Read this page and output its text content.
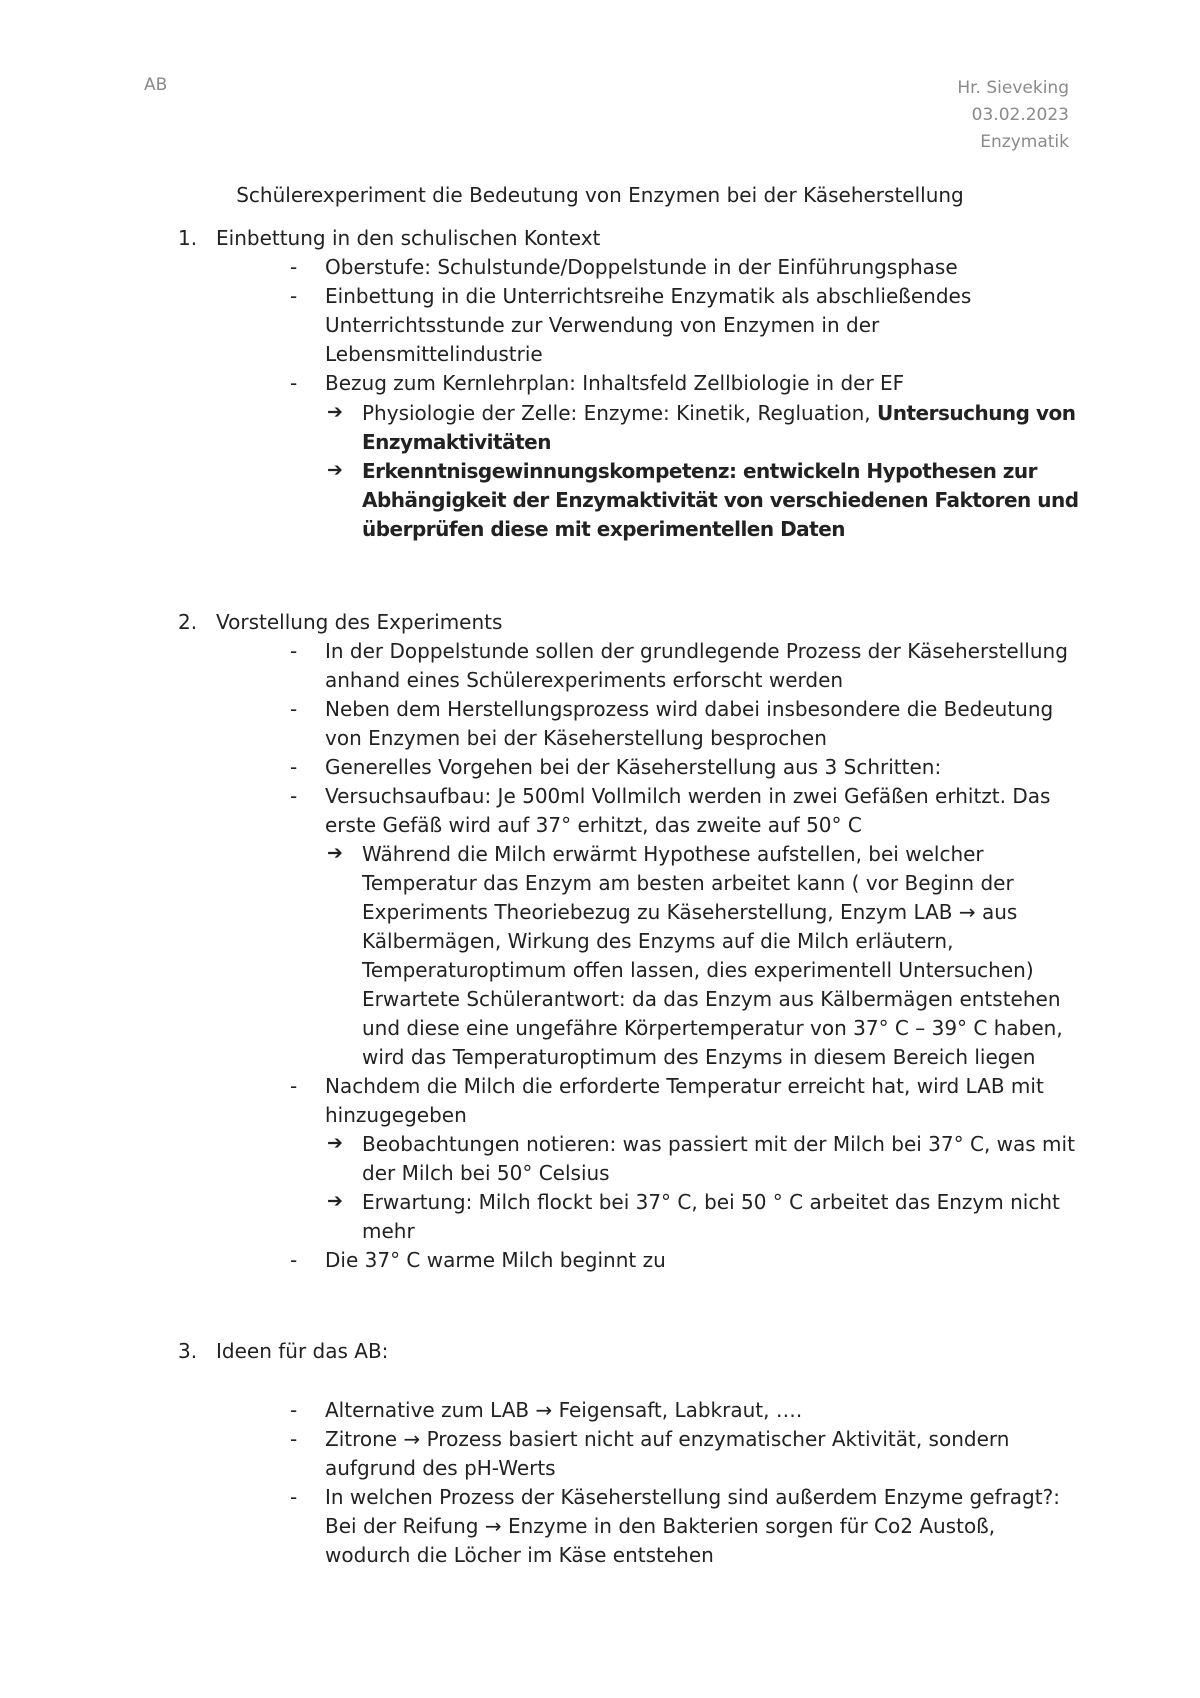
AB	Hr. Sieveking
03.02.2023
Enzymatik
Schülerexperiment die Bedeutung von Enzymen bei der Käseherstellung
1. Einbettung in den schulischen Kontext
- Oberstufe: Schulstunde/Doppelstunde in der Einführungsphase
- Einbettung in die Unterrichtsreihe Enzymatik als abschließendes
Unterrichtsstunde zur Verwendung von Enzymen in der
Lebensmittelindustrie
- Bezug zum Kernlehrplan: Inhaltsfeld Zellbiologie in der EF
➔ Physiologie der Zelle: Enzyme: Kinetik, Regluation, Untersuchung von
Enzymaktivitäten
➔ Erkenntnisgewinnungskompetenz: entwickeln Hypothesen zur
Abhängigkeit der Enzymaktivität von verschiedenen Faktoren und
überprüfen diese mit experimentellen Daten
2. Vorstellung des Experiments
- In der Doppelstunde sollen der grundlegende Prozess der Käseherstellung
anhand eines Schülerexperiments erforscht werden
- Neben dem Herstellungsprozess wird dabei insbesondere die Bedeutung
von Enzymen bei der Käseherstellung besprochen
- Generelles Vorgehen bei der Käseherstellung aus 3 Schritten:
- Versuchsaufbau: Je 500ml Vollmilch werden in zwei Gefäßen erhitzt. Das
erste Gefäß wird auf 37° erhitzt, das zweite auf 50° C
➔ Während die Milch erwärmt Hypothese aufstellen, bei welcher
Temperatur das Enzym am besten arbeitet kann ( vor Beginn der
Experiments Theoriebezug zu Käseherstellung, Enzym LAB → aus
Kälbermägen, Wirkung des Enzyms auf die Milch erläutern,
Temperaturoptimum offen lassen, dies experimentell Untersuchen)
Erwartete Schülerantwort: da das Enzym aus Kälbermägen entstehen
und diese eine ungefähre Körpertemperatur von 37° C – 39° C haben,
wird das Temperaturoptimum des Enzyms in diesem Bereich liegen
- Nachdem die Milch die erforderte Temperatur erreicht hat, wird LAB mit
hinzugegeben
➔ Beobachtungen notieren: was passiert mit der Milch bei 37° C, was mit
der Milch bei 50° Celsius
➔ Erwartung: Milch flockt bei 37° C, bei 50 ° C arbeitet das Enzym nicht
mehr
- Die 37° C warme Milch beginnt zu
3. Ideen für das AB:
- Alternative zum LAB → Feigensaft, Labkraut, ….
- Zitrone → Prozess basiert nicht auf enzymatischer Aktivität, sondern
aufgrund des pH-Werts
- In welchen Prozess der Käseherstellung sind außerdem Enzyme gefragt?:
Bei der Reifung → Enzyme in den Bakterien sorgen für Co2 Austoß,
wodurch die Löcher im Käse entstehen
